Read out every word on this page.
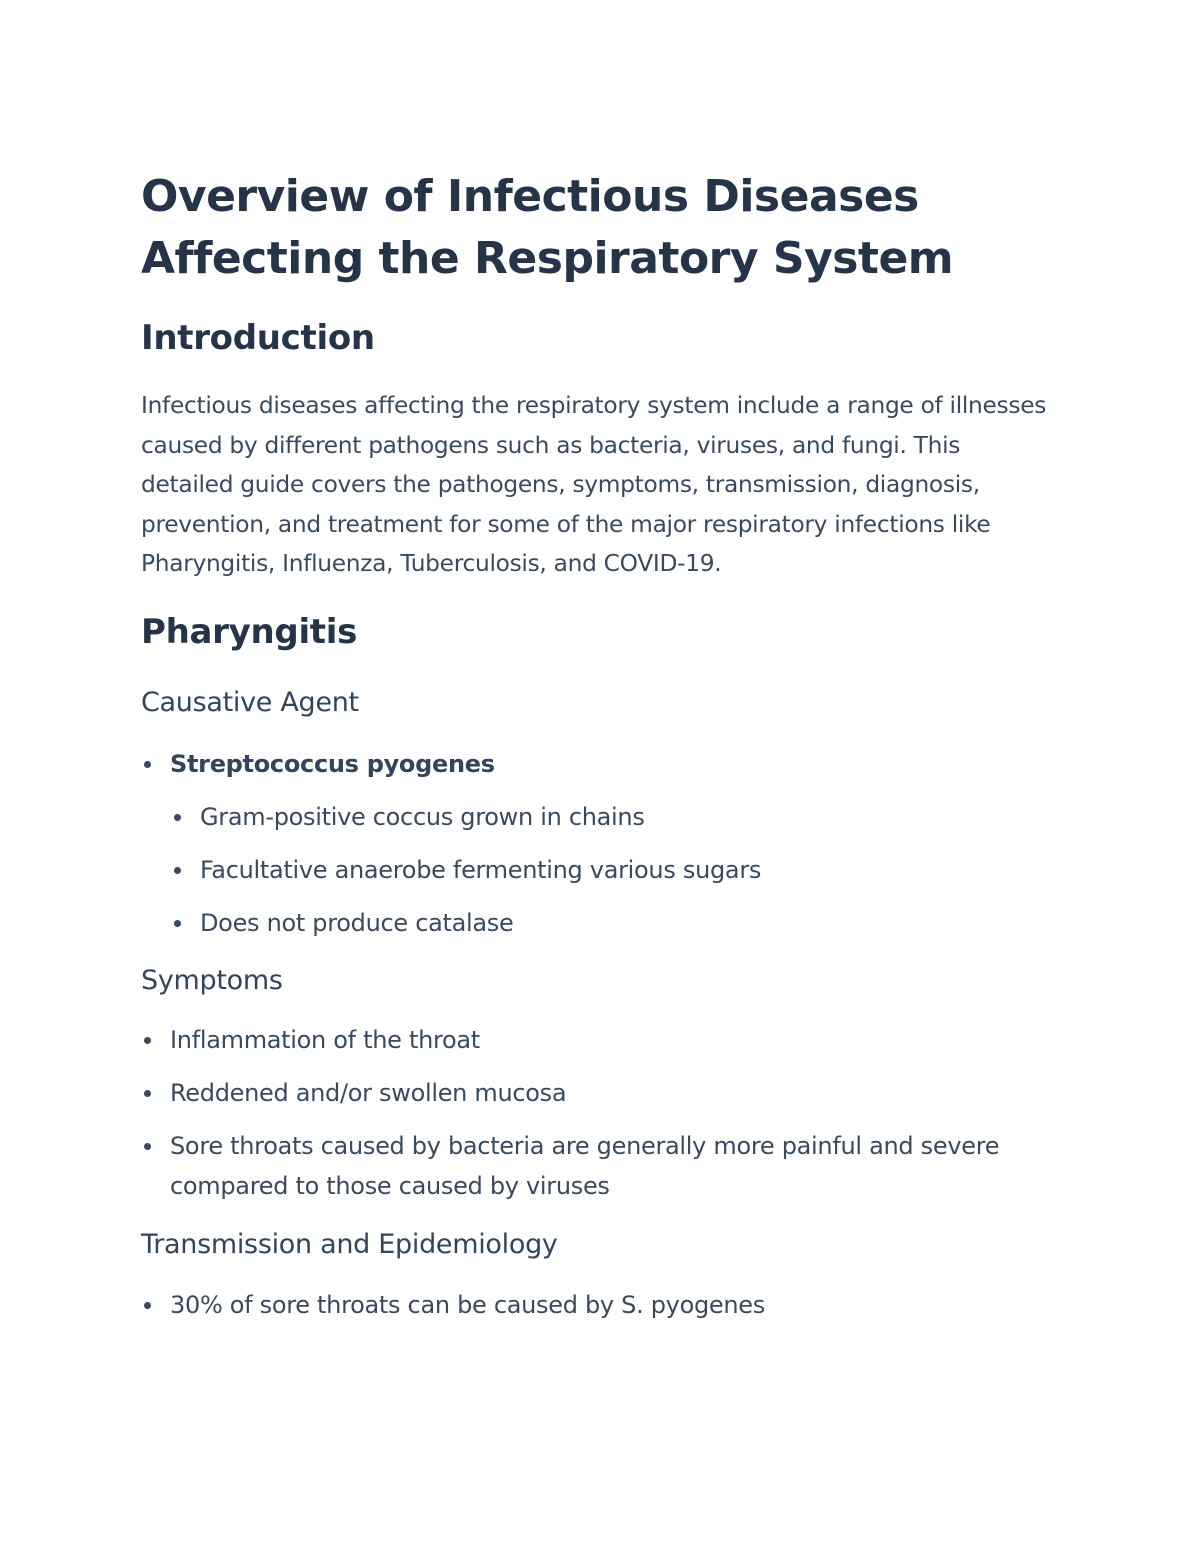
Overview of Infectious Diseases Affecting the Respiratory System
Introduction

Infectious diseases affecting the respiratory system include a range of illnesses caused by different pathogens such as bacteria, viruses, and fungi. This detailed guide covers the pathogens, symptoms, transmission, diagnosis, prevention, and treatment for some of the major respiratory infections like Pharyngitis, Influenza, Tuberculosis, and COVID-19.

Pharyngitis
Causative Agent
Streptococcus pyogenes
Gram-positive coccus grown in chains
Facultative anaerobe fermenting various sugars
Does not produce catalase
Symptoms
Inflammation of the throat
Reddened and/or swollen mucosa
Sore throats caused by bacteria are generally more painful and severe compared to those caused by viruses
Transmission and Epidemiology
30% of sore throats can be caused by S. pyogenes
